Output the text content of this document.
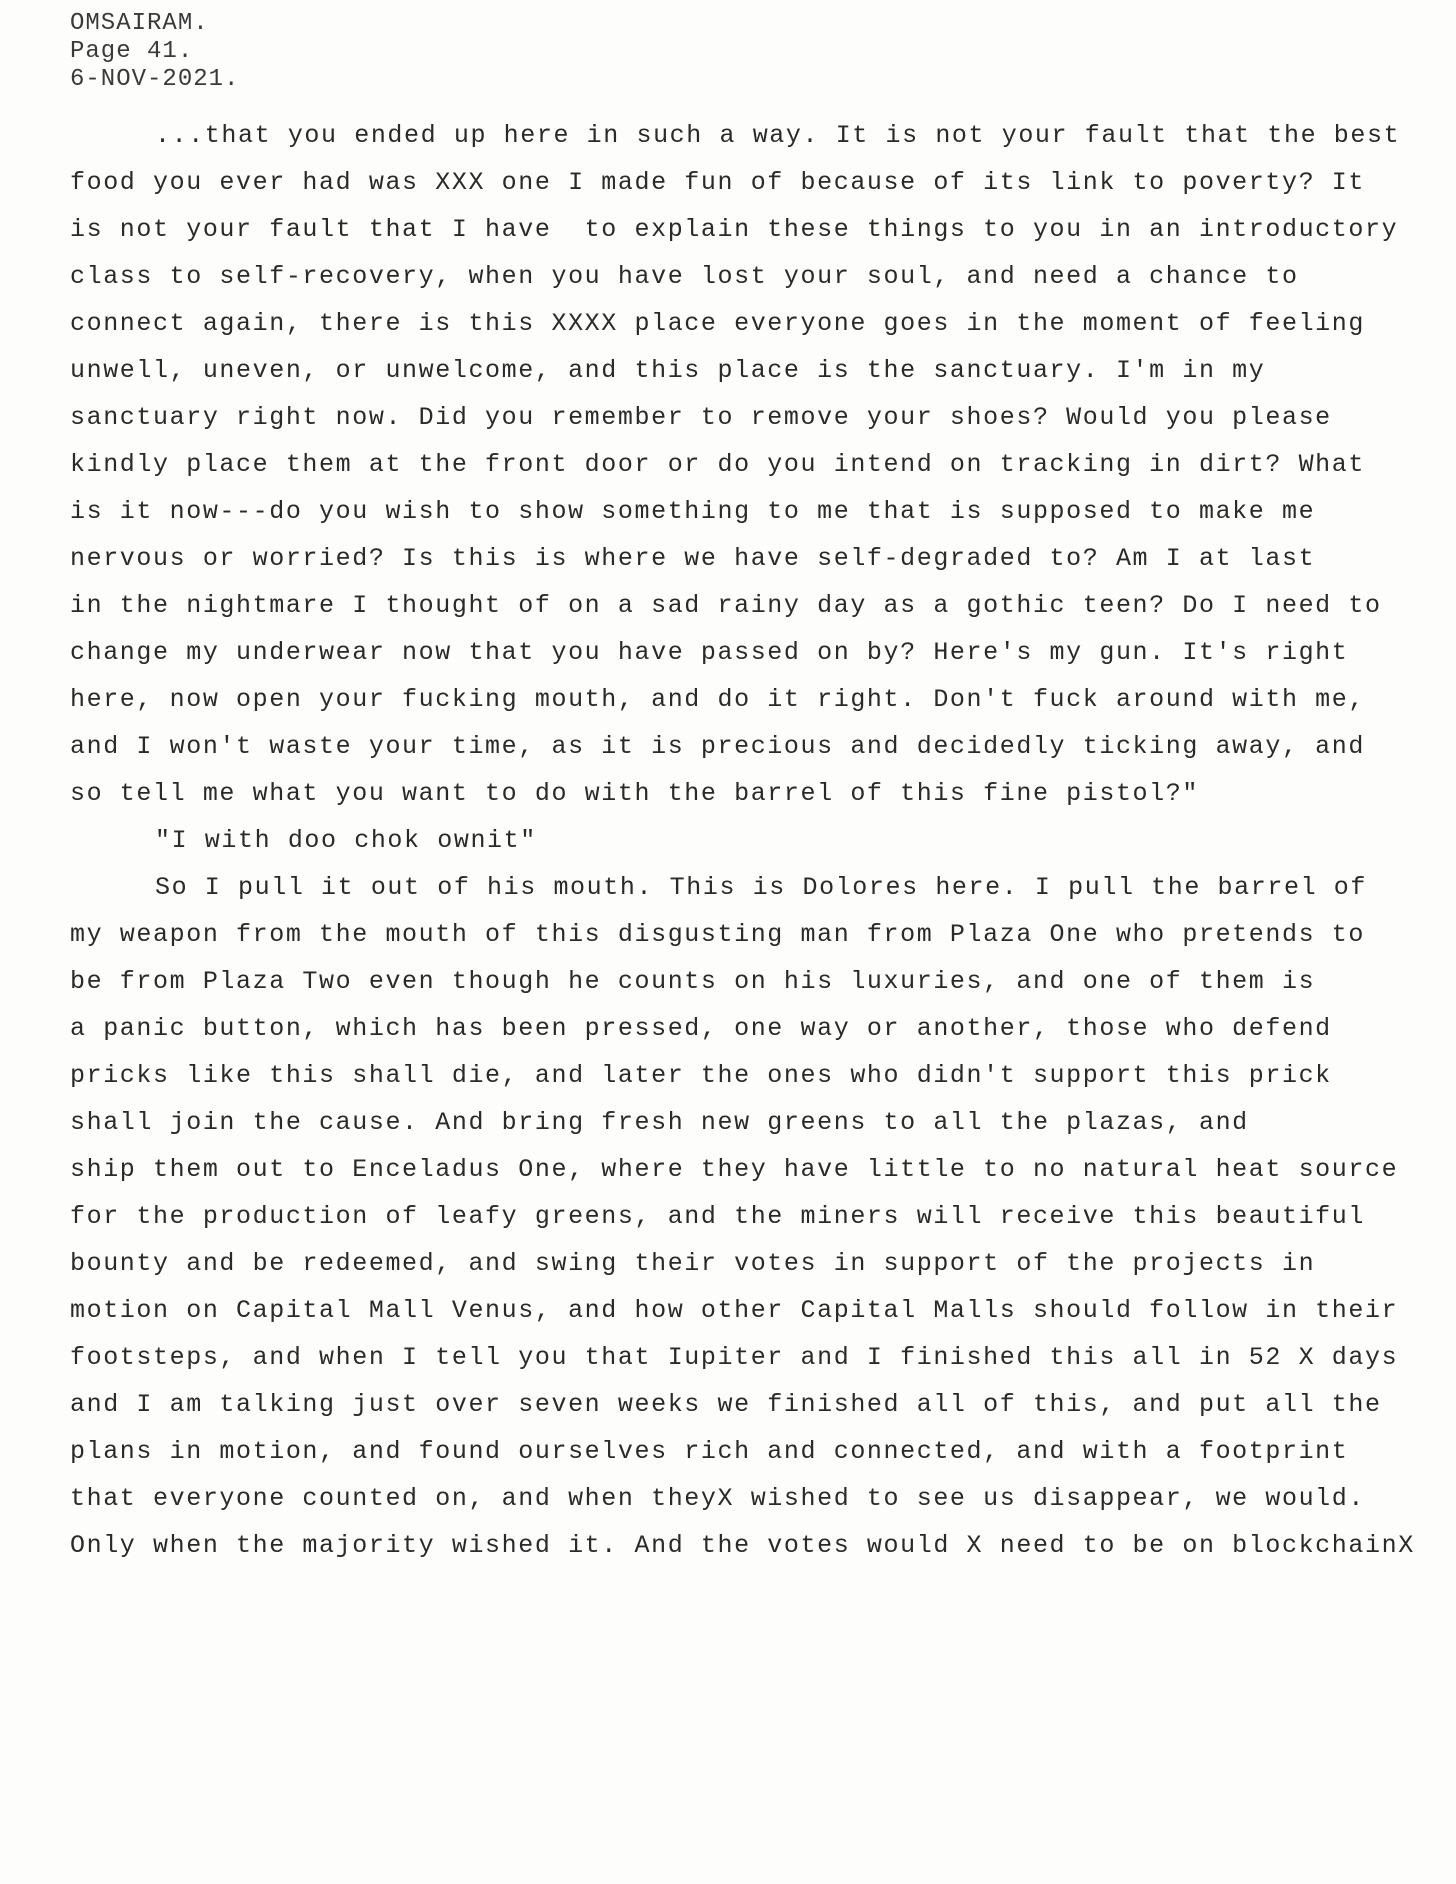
OMSAIRAM.
Page 41.
6-NOV-2021.
...that you ended up here in such a way. It is not your fault that the best
food you ever had was XXX one I made fun of because of its link to poverty? It
is not your fault that I have  to explain these things to you in an introductory
class to self-recovery, when you have lost your soul, and need a chance to
connect again, there is this XXXX place everyone goes in the moment of feeling
unwell, uneven, or unwelcome, and this place is the sanctuary. I'm in my
sanctuary right now. Did you remember to remove your shoes? Would you please
kindly place them at the front door or do you intend on tracking in dirt? What
is it now---do you wish to show something to me that is supposed to make me
nervous or worried? Is this is where we have self-degraded to? Am I at last
in the nightmare I thought of on a sad rainy day as a gothic teen? Do I need to
change my underwear now that you have passed on by? Here's my gun. It's right
here, now open your fucking mouth, and do it right. Don't fuck around with me,
and I won't waste your time, as it is precious and decidedly ticking away, and
so tell me what you want to do with the barrel of this fine pistol?"
"I with doo chok ownit"
So I pull it out of his mouth. This is Dolores here. I pull the barrel of
my weapon from the mouth of this disgusting man from Plaza One who pretends to
be from Plaza Two even though he counts on his luxuries, and one of them is
a panic button, which has been pressed, one way or another, those who defend
pricks like this shall die, and later the ones who didn't support this prick
shall join the cause. And bring fresh new greens to all the plazas, and
ship them out to Enceladus One, where they have little to no natural heat source
for the production of leafy greens, and the miners will receive this beautiful
bounty and be redeemed, and swing their votes in support of the projects in
motion on Capital Mall Venus, and how other Capital Malls should follow in their
footsteps, and when I tell you that Iupiter and I finished this all in 52 X days
and I am talking just over seven weeks we finished all of this, and put all the
plans in motion, and found ourselves rich and connected, and with a footprint
that everyone counted on, and when theyX wished to see us disappear, we would.
Only when the majority wished it. And the votes would X need to be on blockchainX
